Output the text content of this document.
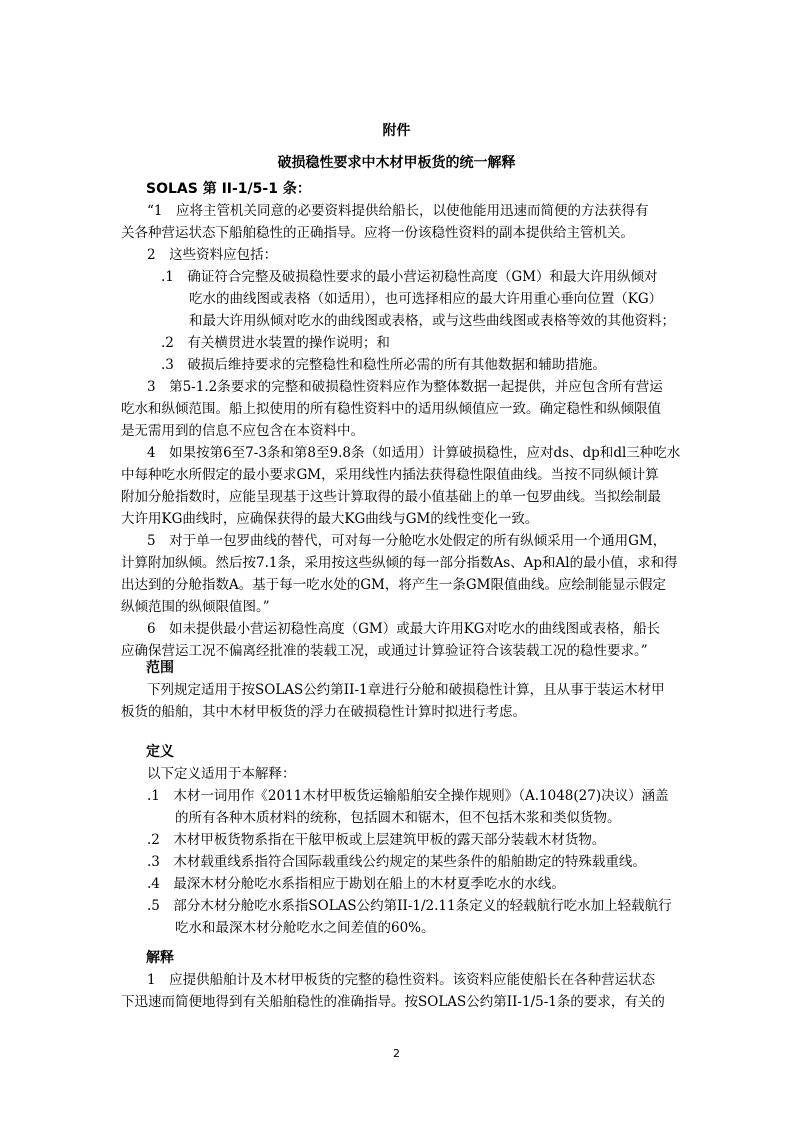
附件
破损稳性要求中木材甲板货的统一解释
SOLAS 第 II-1/5-1 条：
“1　应将主管机关同意的必要资料提供给船长，以使他能用迅速而简便的方法获得有
关各种营运状态下船舶稳性的正确指导。应将一份该稳性资料的副本提供给主管机关。
2　这些资料应包括：
.1　确证符合完整及破损稳性要求的最小营运初稳性高度（GM）和最大许用纵倾对
吃水的曲线图或表格（如适用），也可选择相应的最大许用重心垂向位置（KG）
和最大许用纵倾对吃水的曲线图或表格，或与这些曲线图或表格等效的其他资料；
.2　有关横贯进水装置的操作说明；和
.3　破损后维持要求的完整稳性和稳性所必需的所有其他数据和辅助措施。
3　第5-1.2条要求的完整和破损稳性资料应作为整体数据一起提供，并应包含所有营运
吃水和纵倾范围。船上拟使用的所有稳性资料中的适用纵倾值应一致。确定稳性和纵倾限值
是无需用到的信息不应包含在本资料中。
4　如果按第6至7-3条和第8至9.8条（如适用）计算破损稳性，应对ds、dp和dl三种吃水
中每种吃水所假定的最小要求GM，采用线性内插法获得稳性限值曲线。当按不同纵倾计算
附加分舱指数时，应能呈现基于这些计算取得的最小值基础上的单一包罗曲线。当拟绘制最
大许用KG曲线时，应确保获得的最大KG曲线与GM的线性变化一致。
5　对于单一包罗曲线的替代，可对每一分舱吃水处假定的所有纵倾采用一个通用GM，
计算附加纵倾。然后按7.1条，采用按这些纵倾的每一部分指数As、Ap和Al的最小值，求和得
出达到的分舱指数A。基于每一吃水处的GM，将产生一条GM限值曲线。应绘制能显示假定
纵倾范围的纵倾限值图。”
6　如未提供最小营运初稳性高度（GM）或最大许用KG对吃水的曲线图或表格，船长
应确保营运工况不偏离经批准的装载工况，或通过计算验证符合该装载工况的稳性要求。”
范围
下列规定适用于按SOLAS公约第II-1章进行分舱和破损稳性计算，且从事于装运木材甲
板货的船舶，其中木材甲板货的浮力在破损稳性计算时拟进行考虑。
定义
以下定义适用于本解释：
.1　木材一词用作《2011木材甲板货运输船舶安全操作规则》（A.1048(27)决议）涵盖
的所有各种木质材料的统称，包括圆木和锯木，但不包括木浆和类似货物。
.2　木材甲板货物系指在干舷甲板或上层建筑甲板的露天部分装载木材货物。
.3　木材载重线系指符合国际载重线公约规定的某些条件的船舶勘定的特殊载重线。
.4　最深木材分舱吃水系指相应于勘划在船上的木材夏季吃水的水线。
.5　部分木材分舱吃水系指SOLAS公约第II-1/2.11条定义的轻载航行吃水加上轻载航行
吃水和最深木材分舱吃水之间差值的60%。
解释
1　应提供船舶计及木材甲板货的完整的稳性资料。该资料应能使船长在各种营运状态
下迅速而简便地得到有关船舶稳性的准确指导。按SOLAS公约第II-1/5-1条的要求，有关的
2
